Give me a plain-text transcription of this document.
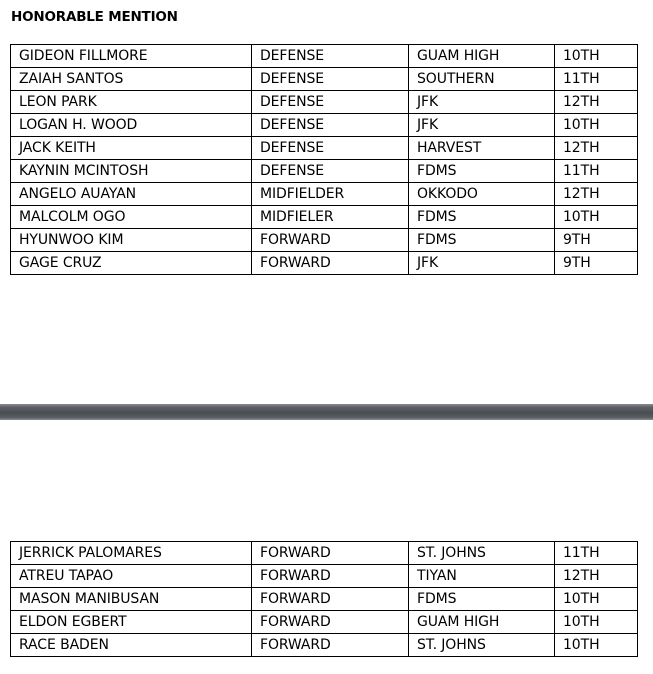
HONORABLE MENTION
GIDEON FILLMORE	DEFENSE	GUAM HIGH	10TH
ZAIAH SANTOS	DEFENSE	SOUTHERN	11TH
LEON PARK	DEFENSE	JFK	12TH
LOGAN H. WOOD	DEFENSE	JFK	10TH
JACK KEITH	DEFENSE	HARVEST	12TH
KAYNIN MCINTOSH	DEFENSE	FDMS	11TH
ANGELO AUAYAN	MIDFIELDER	OKKODO	12TH
MALCOLM OGO	MIDFIELER	FDMS	10TH
HYUNWOO KIM	FORWARD	FDMS	9TH
GAGE CRUZ	FORWARD	JFK	9TH
JERRICK PALOMARES	FORWARD	ST. JOHNS	11TH
ATREU TAPAO	FORWARD	TIYAN	12TH
MASON MANIBUSAN	FORWARD	FDMS	10TH
ELDON EGBERT	FORWARD	GUAM HIGH	10TH
RACE BADEN	FORWARD	ST. JOHNS	10TH
